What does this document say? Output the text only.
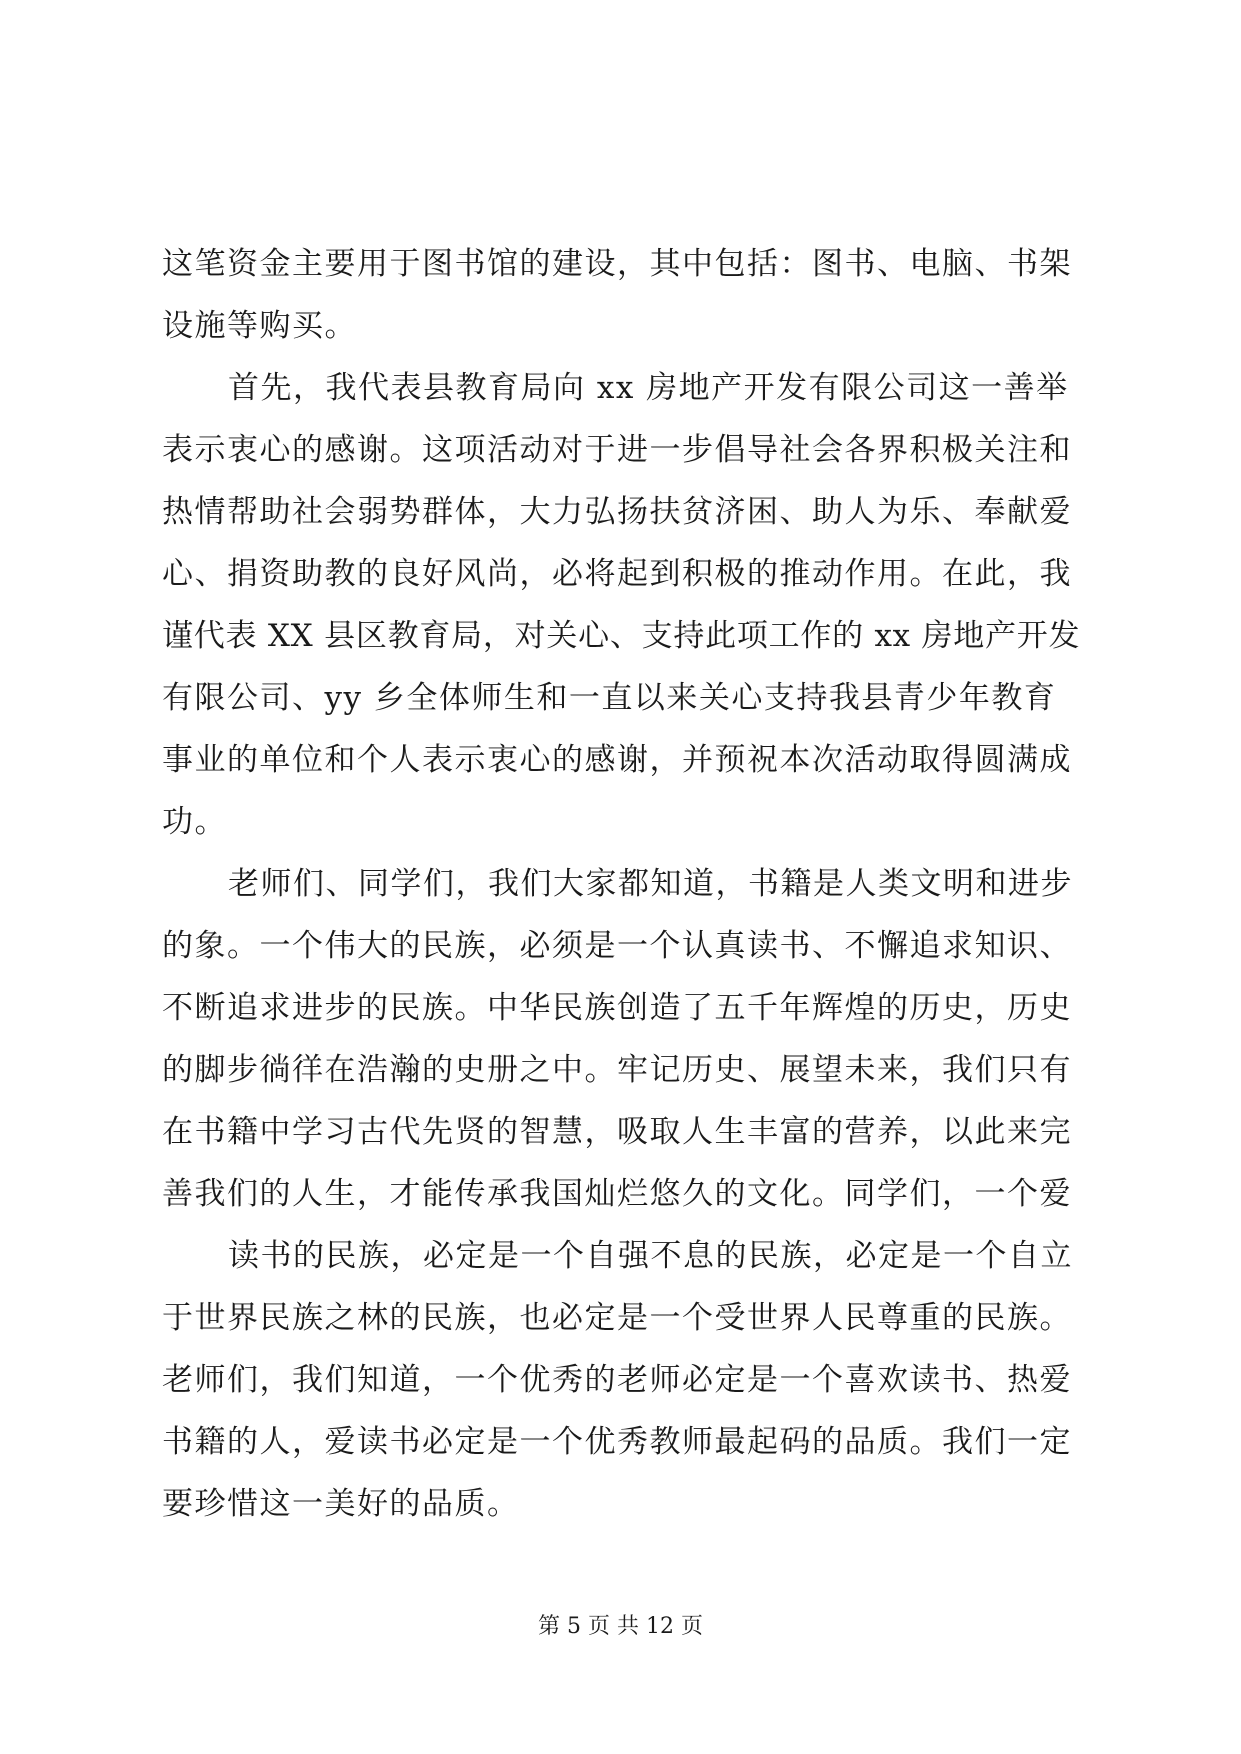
这笔资金主要用于图书馆的建设，其中包括：图书、电脑、书架
设施等购买。
首先，我代表县教育局向 xx 房地产开发有限公司这一善举
表示衷心的感谢。这项活动对于进一步倡导社会各界积极关注和
热情帮助社会弱势群体，大力弘扬扶贫济困、助人为乐、奉献爱
心、捐资助教的良好风尚，必将起到积极的推动作用。在此，我
谨代表 XX 县区教育局，对关心、支持此项工作的 xx 房地产开发
有限公司、yy 乡全体师生和一直以来关心支持我县青少年教育
事业的单位和个人表示衷心的感谢，并预祝本次活动取得圆满成
功。
老师们、同学们，我们大家都知道，书籍是人类文明和进步
的象。一个伟大的民族，必须是一个认真读书、不懈追求知识、
不断追求进步的民族。中华民族创造了五千年辉煌的历史，历史
的脚步徜徉在浩瀚的史册之中。牢记历史、展望未来，我们只有
在书籍中学习古代先贤的智慧，吸取人生丰富的营养，以此来完
善我们的人生，才能传承我国灿烂悠久的文化。同学们，一个爱
读书的民族，必定是一个自强不息的民族，必定是一个自立
于世界民族之林的民族，也必定是一个受世界人民尊重的民族。
老师们，我们知道，一个优秀的老师必定是一个喜欢读书、热爱
书籍的人，爱读书必定是一个优秀教师最起码的品质。我们一定
要珍惜这一美好的品质。
第 5 页 共 12 页
